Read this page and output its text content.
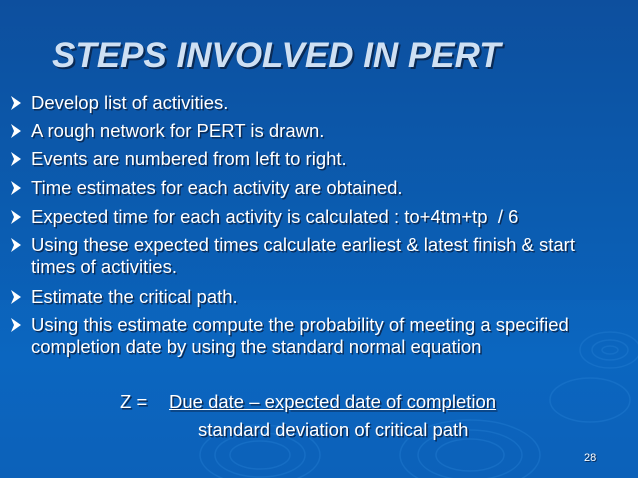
STEPS INVOLVED IN PERT
Develop list of activities.
A rough network for PERT is drawn.
Events are numbered from left to right.
Time estimates for each activity are obtained.
Expected time for each activity is calculated : to+4tm+tp  / 6
Using these expected times calculate earliest & latest finish & start times of activities.
Estimate the critical path.
Using this estimate compute the probability of meeting a specified completion date by using the standard normal equation
Z = Due date – expected date of completion
standard deviation of critical path
28
